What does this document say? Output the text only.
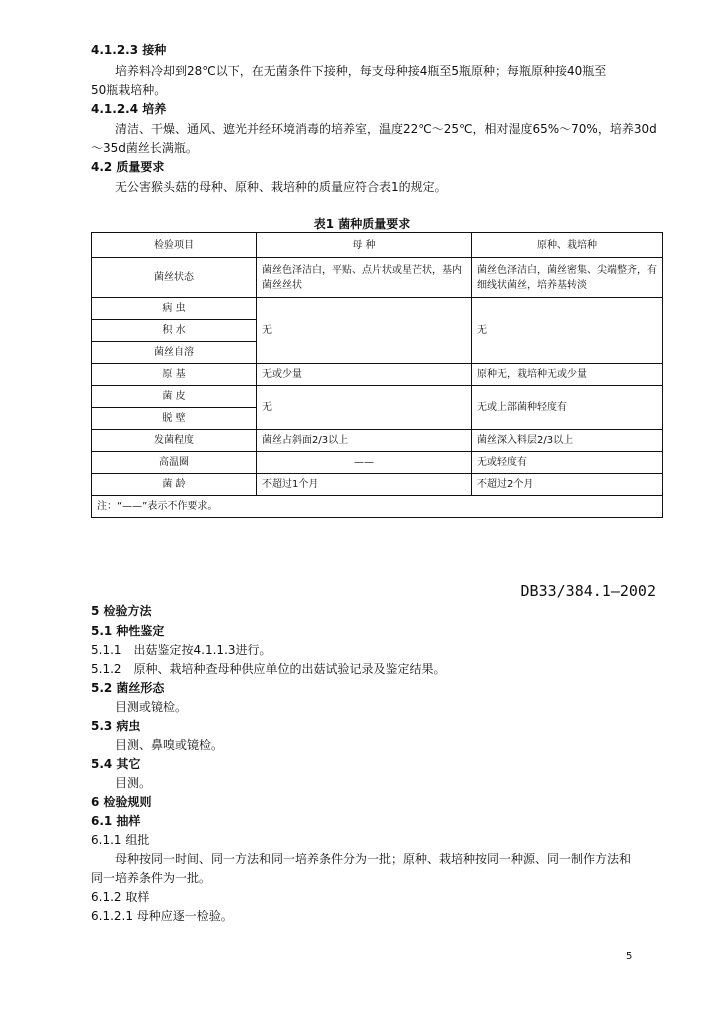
4.1.2.3 接种
培养料冷却到28℃以下，在无菌条件下接种，每支母种接4瓶至5瓶原种；每瓶原种接40瓶至
50瓶栽培种。
4.1.2.4 培养
清洁、干燥、通风、遮光并经环境消毒的培养室，温度22℃～25℃，相对湿度65%～70%，培养30d
～35d菌丝长满瓶。
4.2 质量要求
无公害猴头菇的母种、原种、栽培种的质量应符合表1的规定。
表1 菌种质量要求
检验项目	母 种	原种、栽培种
菌丝状态	菌丝色泽洁白，平贴、点片状或星芒状，基内菌丝丝状	菌丝色泽洁白，菌丝密集、尖端整齐，有细线状菌丝，培养基转淡
病 虫	无	无
积 水		
菌丝自溶		
原 基	无或少量	原种无，栽培种无或少量
菌 皮	无	无或上部菌种轻度有
脱 壁		
发菌程度	菌丝占斜面2/3以上	菌丝深入料层2/3以上
高温圈	——	无或轻度有
菌 龄	不超过1个月	不超过2个月
注：“——”表示不作要求。		
DB33/384.1—2002
5 检验方法
5.1 种性鉴定
5.1.1　出菇鉴定按4.1.1.3进行。
5.1.2　原种、栽培种查母种供应单位的出菇试验记录及鉴定结果。
5.2 菌丝形态
目测或镜检。
5.3 病虫
目测、鼻嗅或镜检。
5.4 其它
目测。
6 检验规则
6.1 抽样
6.1.1 组批
母种按同一时间、同一方法和同一培养条件分为一批；原种、栽培种按同一种源、同一制作方法和
同一培养条件为一批。
6.1.2 取样
6.1.2.1 母种应逐一检验。
5
